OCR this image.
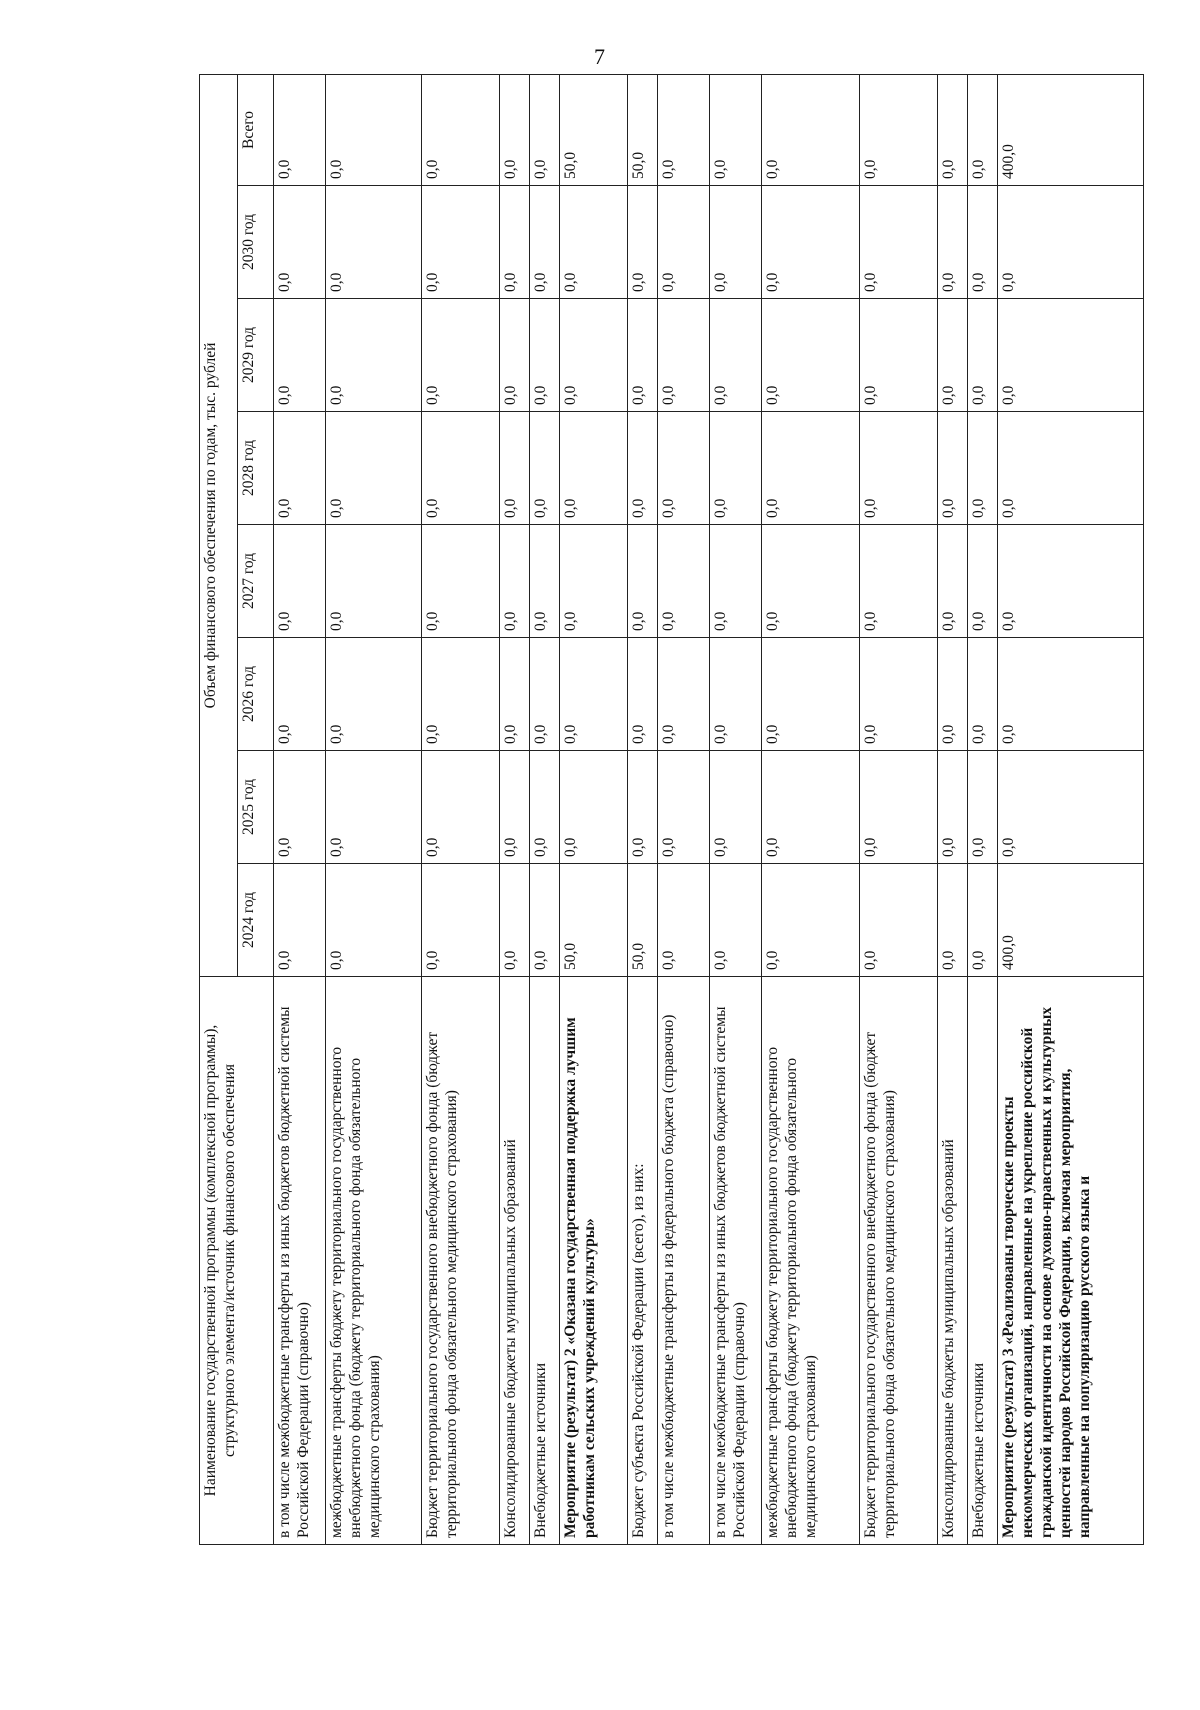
7
Наименование государственной программы (комплексной программы), структурного элемента/источник финансового обеспечения	Объем финансового обеспечения по годам, тыс. рублей							
	2024 год	2025 год	2026 год	2027 год	2028 год	2029 год	2030 год	Всего
в том числе межбюджетные трансферты из иных бюджетов бюджетной системы Российской Федерации (справочно)	0,0	0,0	0,0	0,0	0,0	0,0	0,0	0,0
межбюджетные трансферты бюджету территориального государственного внебюджетного фонда (бюджету территориального фонда обязательного медицинского страхования)	0,0	0,0	0,0	0,0	0,0	0,0	0,0	0,0
Бюджет территориального государственного внебюджетного фонда (бюджет территориального фонда обязательного медицинского страхования)	0,0	0,0	0,0	0,0	0,0	0,0	0,0	0,0
Консолидированные бюджеты муниципальных образований	0,0	0,0	0,0	0,0	0,0	0,0	0,0	0,0
Внебюджетные источники	0,0	0,0	0,0	0,0	0,0	0,0	0,0	0,0
Мероприятие (результат) 2 «Оказана государственная поддержка лучшим работникам сельских учреждений культуры»	50,0	0,0	0,0	0,0	0,0	0,0	0,0	50,0
Бюджет субъекта Российской Федерации (всего), из них:	50,0	0,0	0,0	0,0	0,0	0,0	0,0	50,0
в том числе межбюджетные трансферты из федерального бюджета (справочно)	0,0	0,0	0,0	0,0	0,0	0,0	0,0	0,0
в том числе межбюджетные трансферты из иных бюджетов бюджетной системы Российской Федерации (справочно)	0,0	0,0	0,0	0,0	0,0	0,0	0,0	0,0
межбюджетные трансферты бюджету территориального государственного внебюджетного фонда (бюджету территориального фонда обязательного медицинского страхования)	0,0	0,0	0,0	0,0	0,0	0,0	0,0	0,0
Бюджет территориального государственного внебюджетного фонда (бюджет территориального фонда обязательного медицинского страхования)	0,0	0,0	0,0	0,0	0,0	0,0	0,0	0,0
Консолидированные бюджеты муниципальных образований	0,0	0,0	0,0	0,0	0,0	0,0	0,0	0,0
Внебюджетные источники	0,0	0,0	0,0	0,0	0,0	0,0	0,0	0,0
Мероприятие (результат) 3 «Реализованы творческие проекты некоммерческих организаций, направленные на укрепление российской гражданской идентичности на основе духовно-нравственных и культурных ценностей народов Российской Федерации, включая мероприятия, направленные на популяризацию русского языка и	400,0	0,0	0,0	0,0	0,0	0,0	0,0	400,0
